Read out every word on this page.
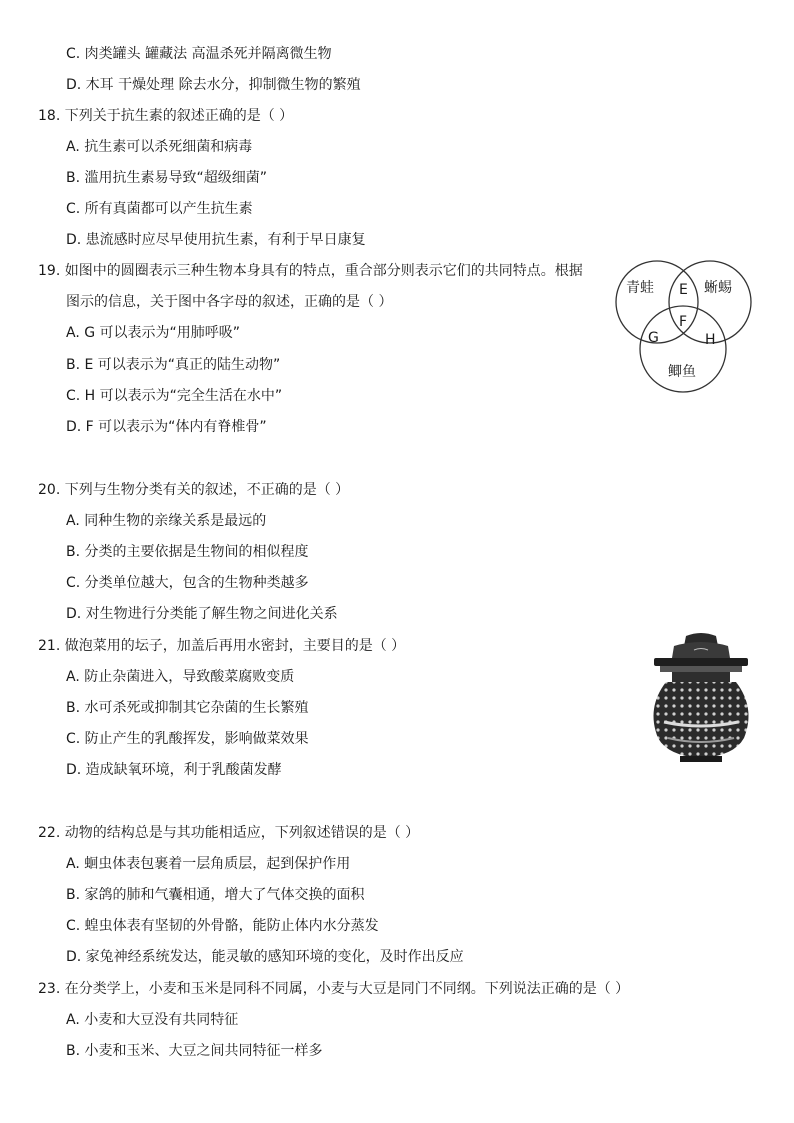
C. 肉类罐头 罐藏法 高温杀死并隔离微生物
D. 木耳 干燥处理 除去水分，抑制微生物的繁殖
18. 下列关于抗生素的叙述正确的是（ ）
A. 抗生素可以杀死细菌和病毒
B. 滥用抗生素易导致“超级细菌”
C. 所有真菌都可以产生抗生素
D. 患流感时应尽早使用抗生素，有利于早日康复
19. 如图中的圆圈表示三种生物本身具有的特点，重合部分则表示它们的共同特点。根据
图示的信息，关于图中各字母的叙述，正确的是（ ）
A. G 可以表示为“用肺呼吸”
B. E 可以表示为“真正的陆生动物”
C. H 可以表示为“完全生活在水中”
D. F 可以表示为“体内有脊椎骨”
青蛙	蜥蜴
鲫鱼
E
F
G	H
20. 下列与生物分类有关的叙述，不正确的是（ ）
A. 同种生物的亲缘关系是最远的
B. 分类的主要依据是生物间的相似程度
C. 分类单位越大，包含的生物种类越多
D. 对生物进行分类能了解生物之间进化关系
21. 做泡菜用的坛子，加盖后再用水密封，主要目的是（ ）
A. 防止杂菌进入，导致酸菜腐败变质
B. 水可杀死或抑制其它杂菌的生长繁殖
C. 防止产生的乳酸挥发，影响做菜效果
D. 造成缺氧环境，利于乳酸菌发酵
22. 动物的结构总是与其功能相适应，下列叙述错误的是（ ）
A. 蛔虫体表包裹着一层角质层，起到保护作用
B. 家鸽的肺和气囊相通，增大了气体交换的面积
C. 蝗虫体表有坚韧的外骨骼，能防止体内水分蒸发
D. 家兔神经系统发达，能灵敏的感知环境的变化，及时作出反应
23. 在分类学上，小麦和玉米是同科不同属，小麦与大豆是同门不同纲。下列说法正确的是（ ）
A. 小麦和大豆没有共同特征
B. 小麦和玉米、大豆之间共同特征一样多
